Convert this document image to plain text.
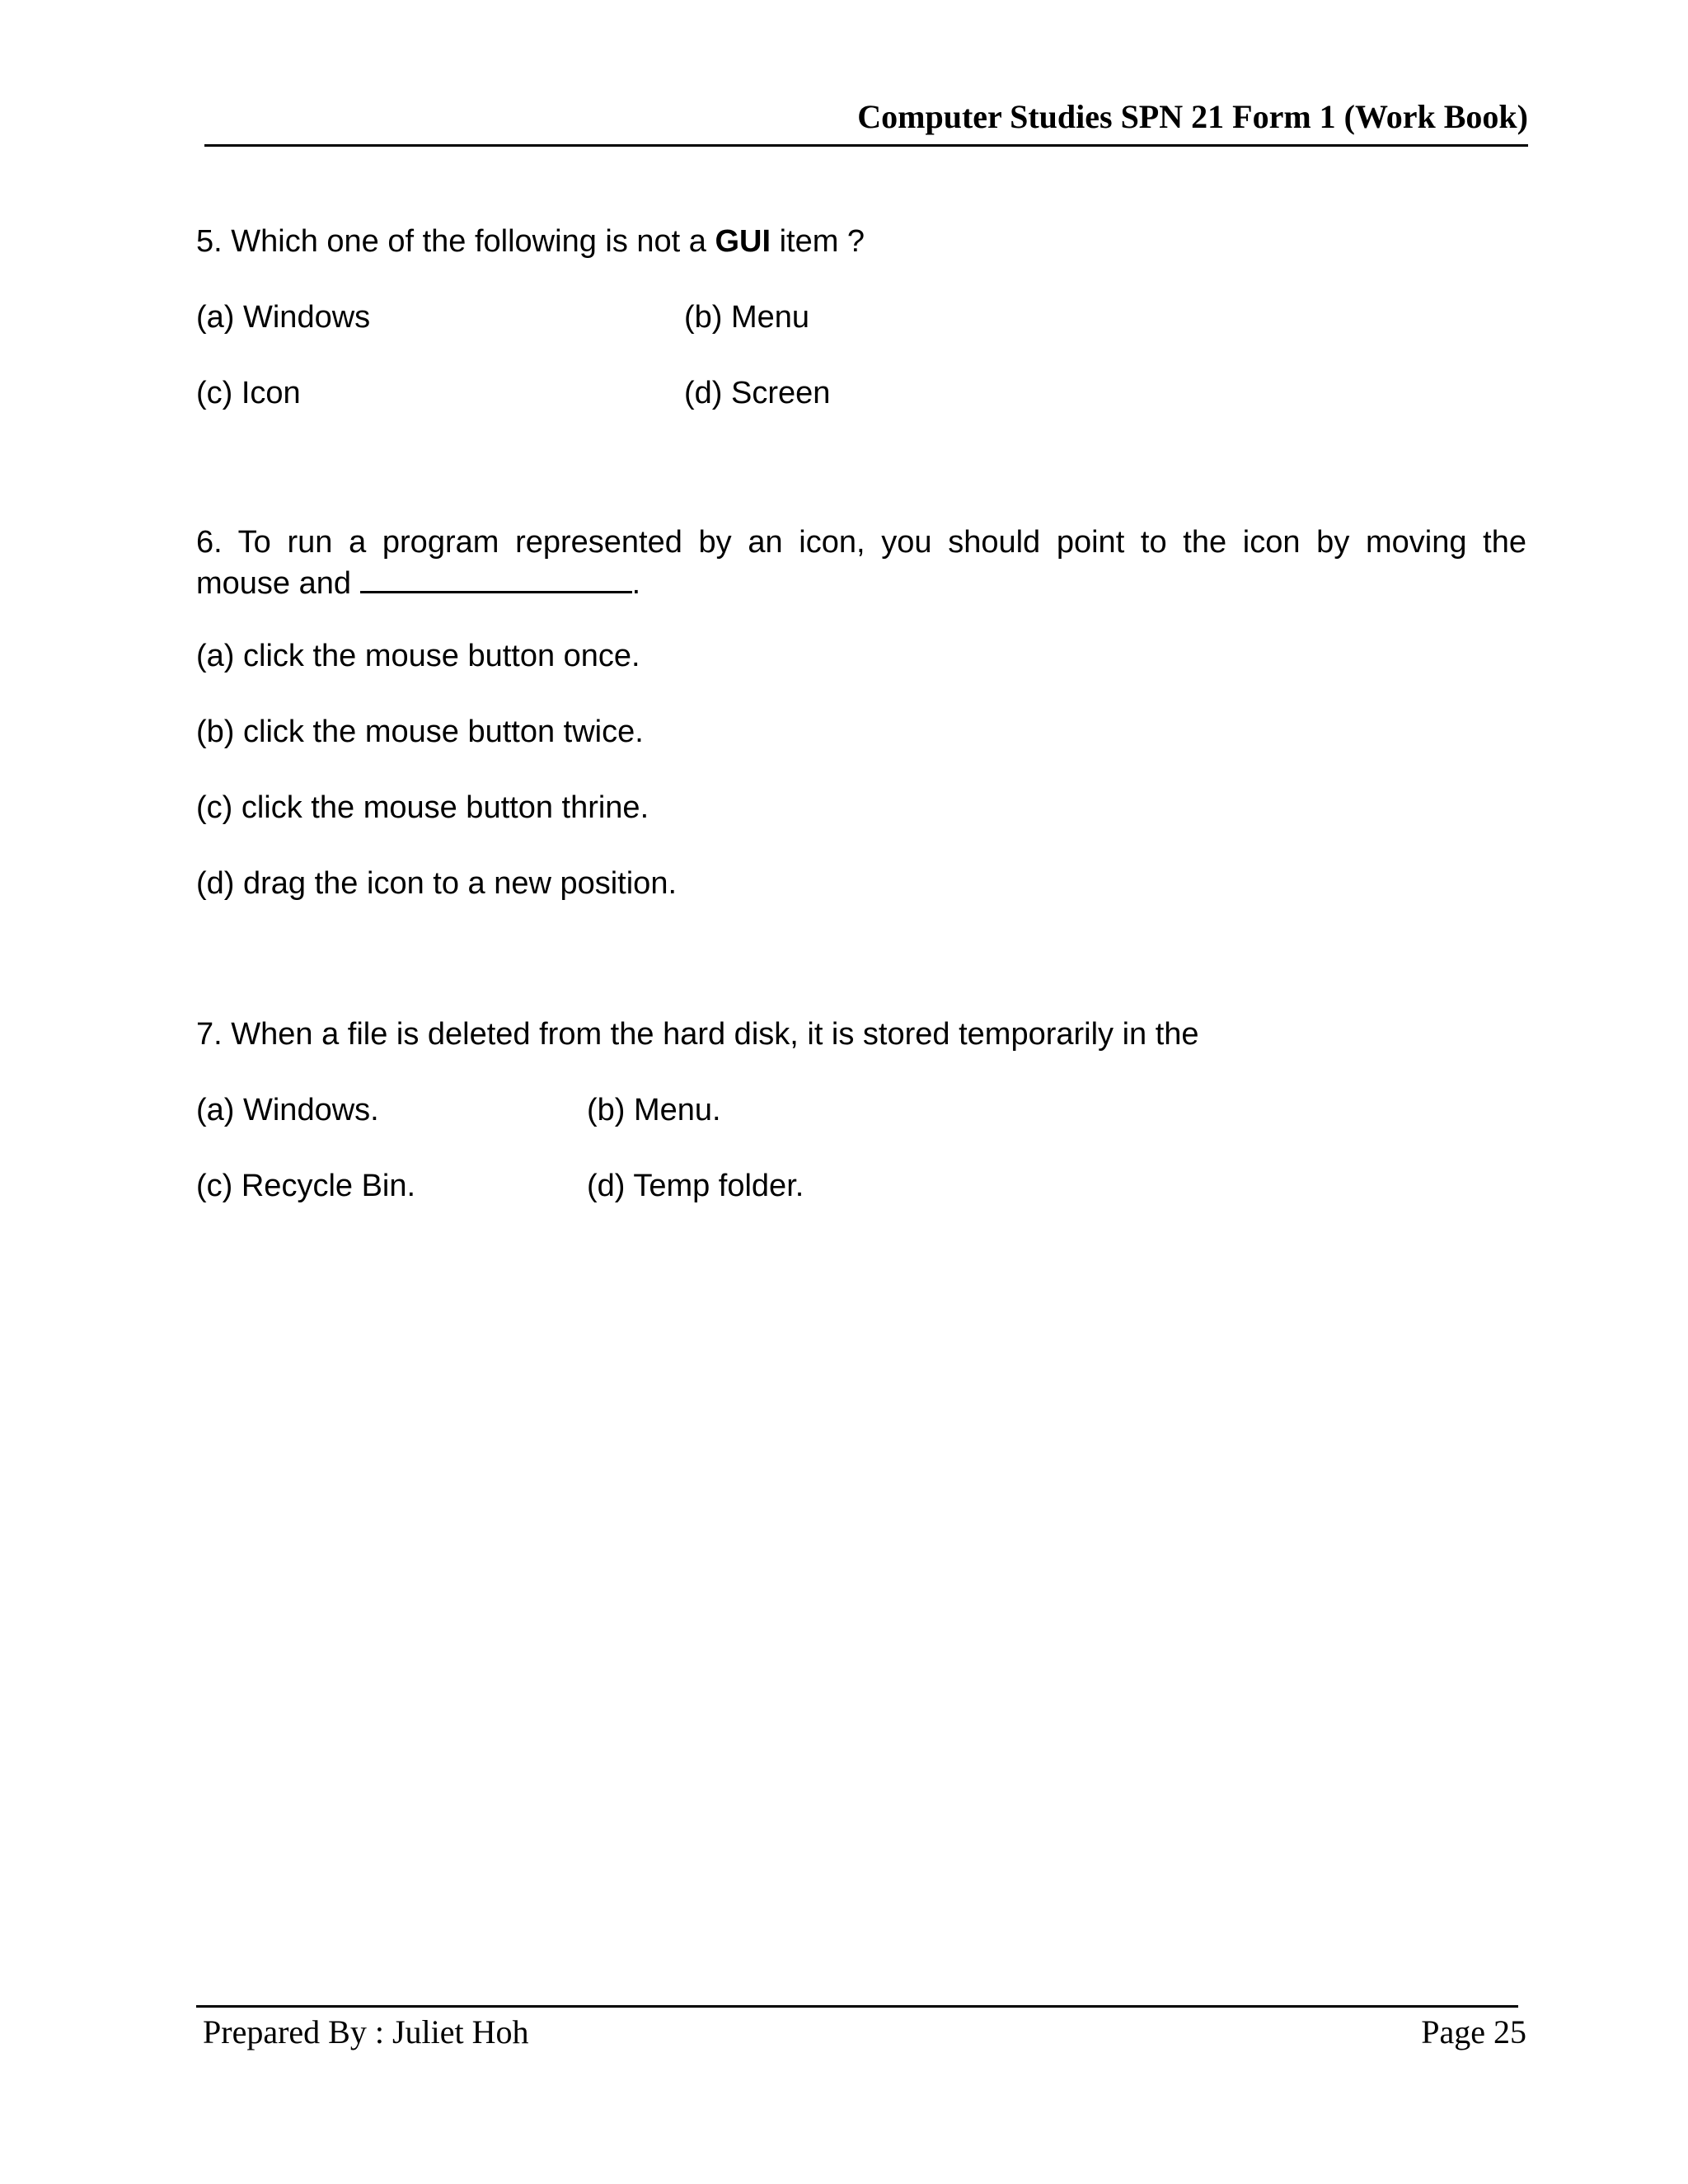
Computer Studies SPN 21 Form 1 (Work Book)
5. Which one of the following is not a GUI item ?
(a) Windows	(b) Menu
(c) Icon	(d) Screen
6. To run a program represented by an icon, you should point to the icon by moving the
mouse and	.
(a) click the mouse button once.
(b) click the mouse button twice.
(c) click the mouse button thrine.
(d) drag the icon to a new position.
7. When a file is deleted from the hard disk, it is stored temporarily in the
(a) Windows.	(b) Menu.
(c) Recycle Bin.	(d) Temp folder.
Prepared By : Juliet Hoh	Page 25
